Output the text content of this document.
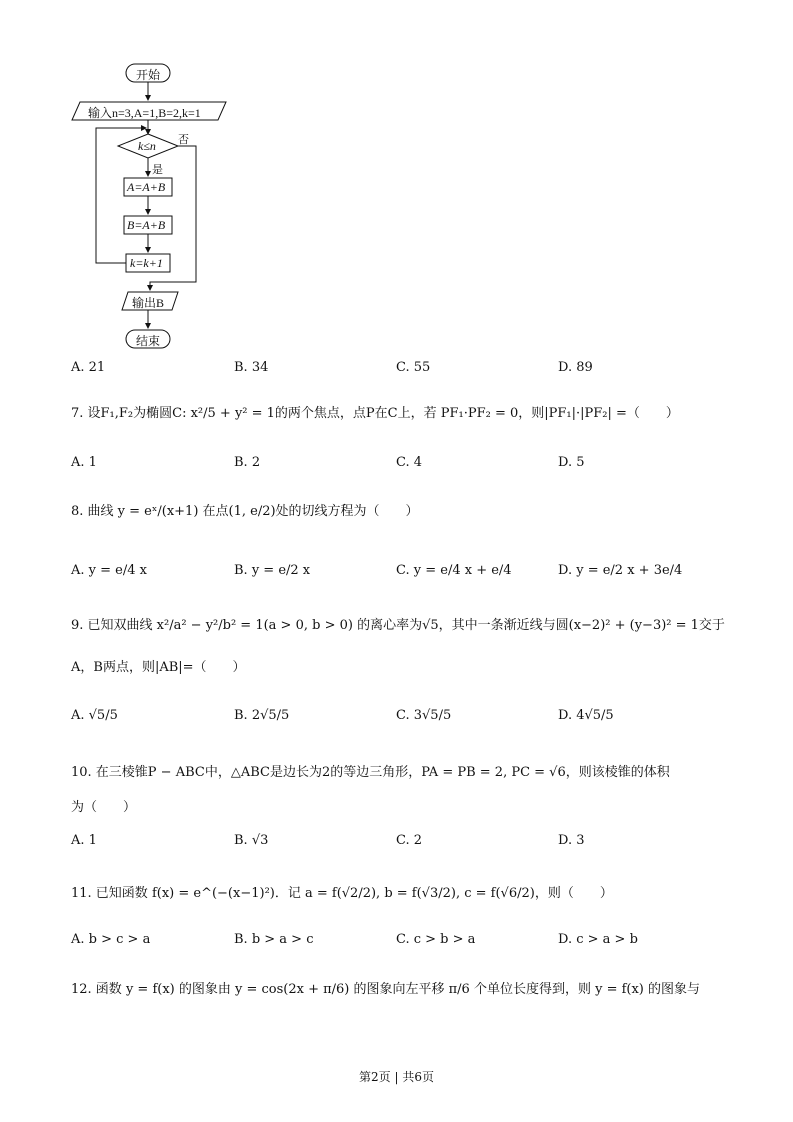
开始
输入n=3,A=1,B=2,k=1
k≤n 否
是
A=A+B
B=A+B
k=k+1
输出B
结束
A. 21	B. 34	C. 55	D. 89
7. 设F₁,F₂为椭圆C: x²/5 + y² = 1的两个焦点，点P在C上，若 PF₁·PF₂ = 0，则|PF₁|·|PF₂| =（　　）
A. 1	B. 2	C. 4	D. 5
8. 曲线 y = eˣ/(x+1) 在点(1, e/2)处的切线方程为（　　）
A. y = e/4 x	B. y = e/2 x	C. y = e/4 x + e/4	D. y = e/2 x + 3e/4
9. 已知双曲线 x²/a² − y²/b² = 1(a > 0, b > 0) 的离心率为√5，其中一条渐近线与圆(x−2)² + (y−3)² = 1交于
A，B两点，则|AB|=（　　）
A. √5/5	B. 2√5/5	C. 3√5/5	D. 4√5/5
10. 在三棱锥P − ABC中，△ABC是边长为2的等边三角形，PA = PB = 2, PC = √6，则该棱锥的体积
为（　　）
A. 1	B. √3	C. 2	D. 3
11. 已知函数 f(x) = e^(−(x−1)²)．记 a = f(√2/2), b = f(√3/2), c = f(√6/2)，则（　　）
A. b > c > a	B. b > a > c	C. c > b > a	D. c > a > b
12. 函数 y = f(x) 的图象由 y = cos(2x + π/6) 的图象向左平移 π/6 个单位长度得到，则 y = f(x) 的图象与
第2页 | 共6页
